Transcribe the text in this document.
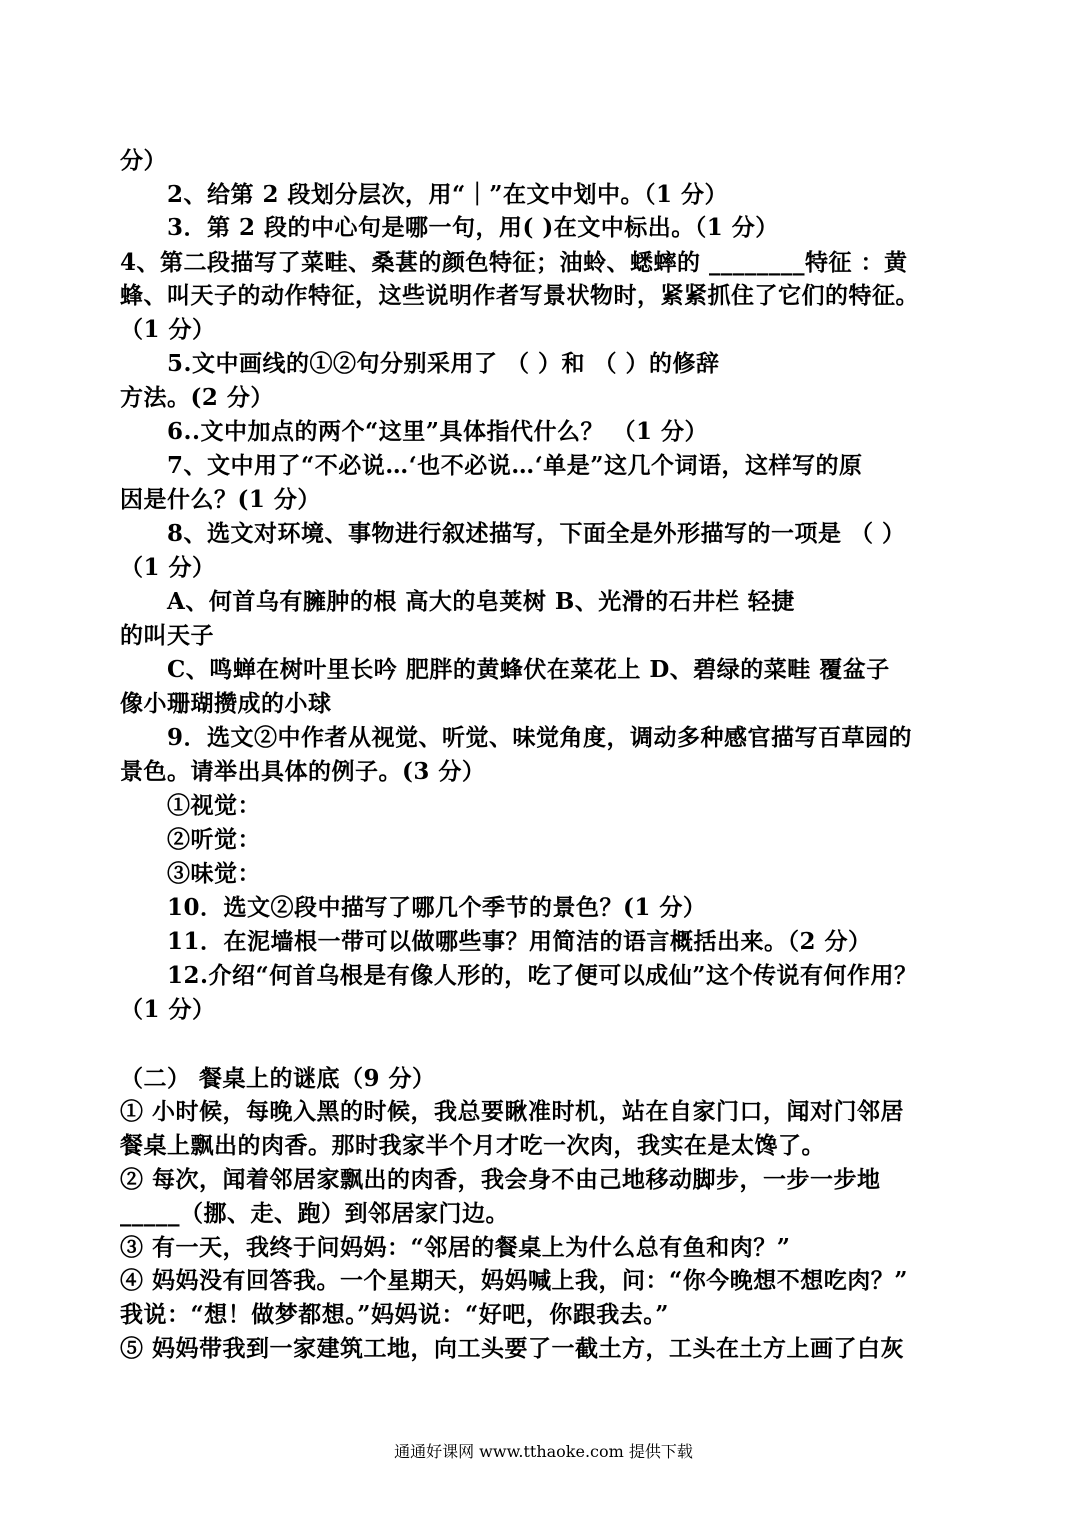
分）
2、给第 2 段划分层次，用“｜”在文中划中。（1 分）
3．第 2 段的中心句是哪一句，用( )在文中标出。（1 分）
4、第二段描写了菜畦、桑葚的颜色特征；油蛉、蟋蟀的 ________特征 ：黄
蜂、叫天子的动作特征，这些说明作者写景状物时，紧紧抓住了它们的特征。
（1 分）
5.文中画线的①②句分别采用了 （ ）和 （ ）的修辞
方法。(2 分）
6..文中加点的两个“这里”具体指代什么？ （1 分）
7、文中用了“不必说…‘也不必说…‘单是”这几个词语，这样写的原
因是什么？(1 分）
8、选文对环境、事物进行叙述描写，下面全是外形描写的一项是 （ ）
（1 分）
A、何首乌有臃肿的根 高大的皂荚树 B、光滑的石井栏 轻捷
的叫天子
C、鸣蝉在树叶里长吟 肥胖的黄蜂伏在菜花上 D、碧绿的菜畦 覆盆子
像小珊瑚攒成的小球
9．选文②中作者从视觉、听觉、味觉角度，调动多种感官描写百草园的
景色。请举出具体的例子。(3 分）
①视觉：
②听觉：
③味觉：
10．选文②段中描写了哪几个季节的景色？(1 分）
11．在泥墙根一带可以做哪些事？用简洁的语言概括出来。（2 分）
12.介绍“何首乌根是有像人形的，吃了便可以成仙”这个传说有何作用？
（1 分）
（二） 餐桌上的谜底（9 分）
① 小时候，每晚入黑的时候，我总要瞅准时机，站在自家门口，闻对门邻居
餐桌上飘出的肉香。那时我家半个月才吃一次肉，我实在是太馋了。
② 每次，闻着邻居家飘出的肉香，我会身不由己地移动脚步，一步一步地
_____（挪、走、跑）到邻居家门边。
③ 有一天，我终于问妈妈：“邻居的餐桌上为什么总有鱼和肉？”
④ 妈妈没有回答我。一个星期天，妈妈喊上我，问：“你今晚想不想吃肉？”
我说：“想！做梦都想。”妈妈说：“好吧，你跟我去。”
⑤ 妈妈带我到一家建筑工地，向工头要了一截土方，工头在土方上画了白灰
通通好课网 www.tthaoke.com 提供下载
